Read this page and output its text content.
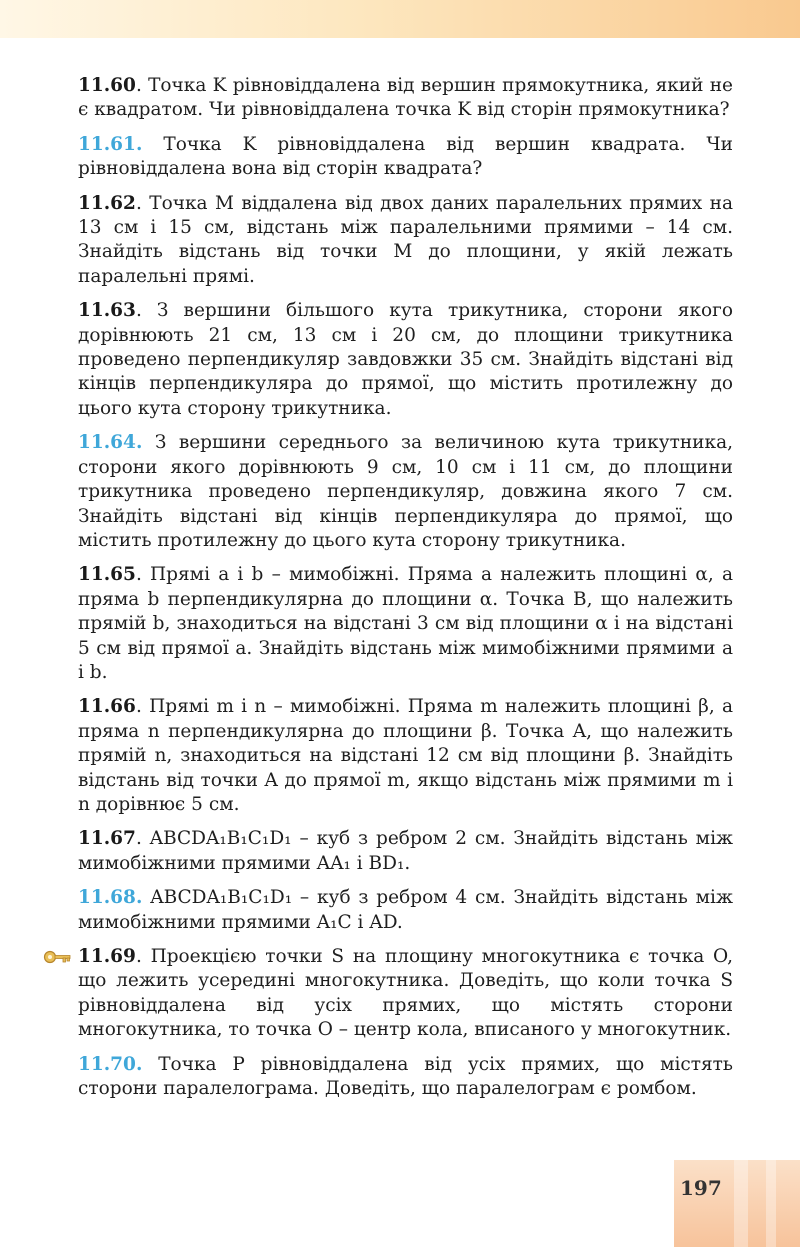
11.60. Точка K рівновіддалена від вершин прямокутника, який не є квадратом. Чи рівновіддалена точка K від сторін прямокутника?
11.61. Точка K рівновіддалена від вершин квадрата. Чи рівновіддалена вона від сторін квадрата?
11.62. Точка M віддалена від двох даних паралельних прямих на 13 см і 15 см, відстань між паралельними прямими – 14 см. Знайдіть відстань від точки M до площини, у якій лежать паралельні прямі.
11.63. З вершини більшого кута трикутника, сторони якого дорівнюють 21 см, 13 см і 20 см, до площини трикутника проведено перпендикуляр завдовжки 35 см. Знайдіть відстані від кінців перпендикуляра до прямої, що містить протилежну до цього кута сторону трикутника.
11.64. З вершини середнього за величиною кута трикутника, сторони якого дорівнюють 9 см, 10 см і 11 см, до площини трикутника проведено перпендикуляр, довжина якого 7 см. Знайдіть відстані від кінців перпендикуляра до прямої, що містить протилежну до цього кута сторону трикутника.
11.65. Прямі a і b – мимобіжні. Пряма a належить площині α, а пряма b перпендикулярна до площини α. Точка B, що належить прямій b, знаходиться на відстані 3 см від площини α і на відстані 5 см від прямої a. Знайдіть відстань між мимобіжними прямими a і b.
11.66. Прямі m і n – мимобіжні. Пряма m належить площині β, а пряма n перпендикулярна до площини β. Точка A, що належить прямій n, знаходиться на відстані 12 см від площини β. Знайдіть відстань від точки A до прямої m, якщо відстань між прямими m і n дорівнює 5 см.
11.67. ABCDA₁B₁C₁D₁ – куб з ребром 2 см. Знайдіть відстань між мимобіжними прямими AA₁ і BD₁.
11.68. ABCDA₁B₁C₁D₁ – куб з ребром 4 см. Знайдіть відстань між мимобіжними прямими A₁C і AD.
11.69. Проекцією точки S на площину многокутника є точка O, що лежить усередині многокутника. Доведіть, що коли точка S рівновіддалена від усіх прямих, що містять сторони многокутника, то точка O – центр кола, вписаного у многокутник.
11.70. Точка P рівновіддалена від усіх прямих, що містять сторони паралелограма. Доведіть, що паралелограм є ромбом.
197
